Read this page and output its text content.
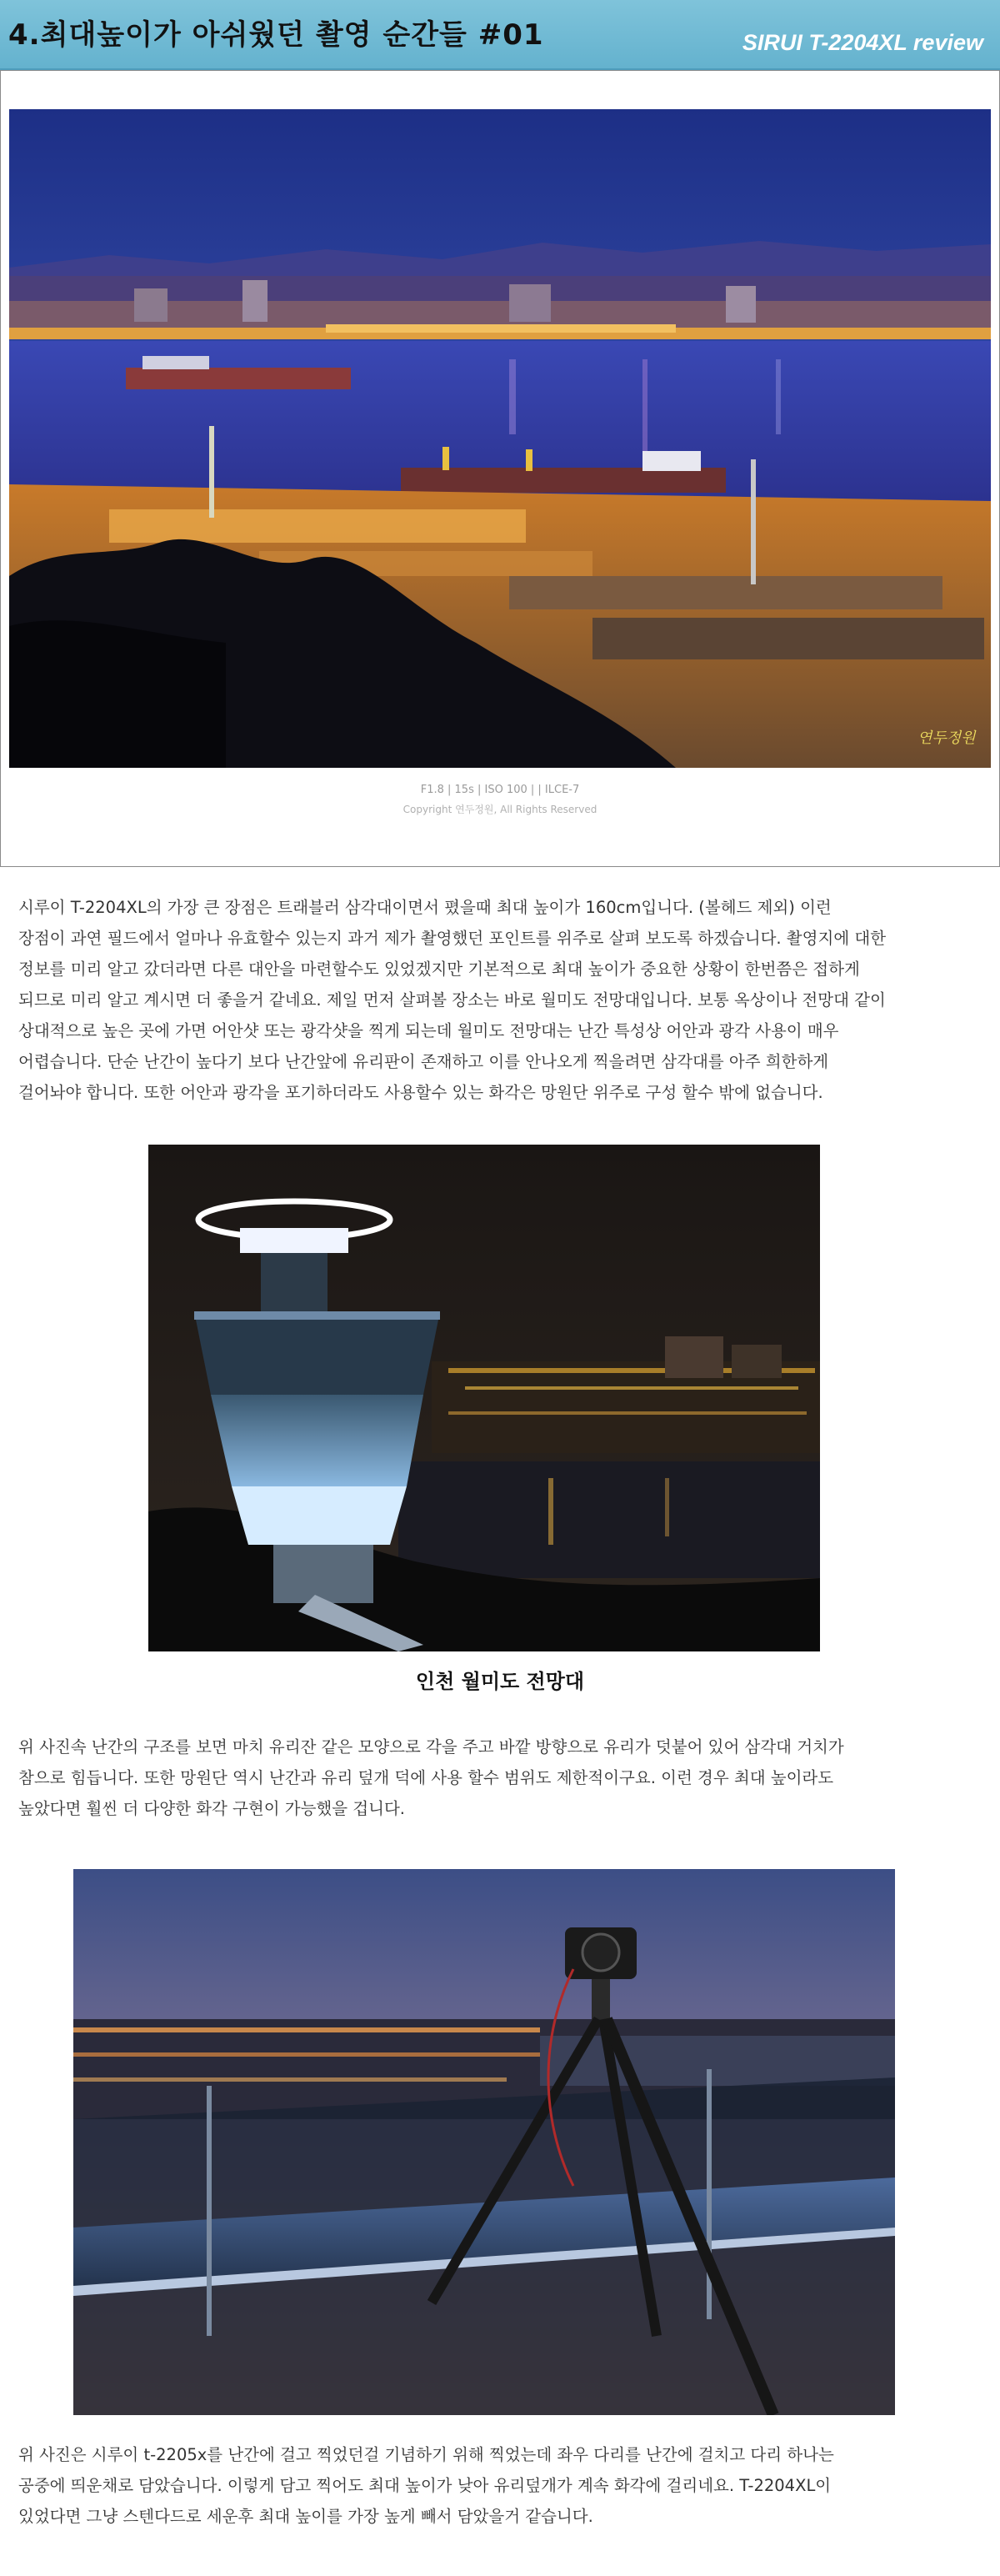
4.최대높이가 아쉬웠던 촬영 순간들 #01	SIRUI T-2204XL review
연두정원
F1.8 | 15s | ISO 100 | | ILCE-7
Copyright 연두정원, All Rights Reserved
시루이 T-2204XL의 가장 큰 장점은 트래블러 삼각대이면서 폈을때 최대 높이가 160cm입니다. (볼헤드 제외) 이런
장점이 과연 필드에서 얼마나 유효할수 있는지 과거 제가 촬영했던 포인트를 위주로 살펴 보도록 하겠습니다. 촬영지에 대한
정보를 미리 알고 갔더라면 다른 대안을 마련할수도 있었겠지만 기본적으로 최대 높이가 중요한 상황이 한번쯤은 접하게
되므로 미리 알고 계시면 더 좋을거 같네요. 제일 먼저 살펴볼 장소는 바로 월미도 전망대입니다. 보통 옥상이나 전망대 같이
상대적으로 높은 곳에 가면 어안샷 또는 광각샷을 찍게 되는데 월미도 전망대는 난간 특성상 어안과 광각 사용이 매우
어렵습니다. 단순 난간이 높다기 보다 난간앞에 유리판이 존재하고 이를 안나오게 찍을려면 삼각대를 아주 희한하게
걸어놔야 합니다. 또한 어안과 광각을 포기하더라도 사용할수 있는 화각은 망원단 위주로 구성 할수 밖에 없습니다.
인천 월미도 전망대
위 사진속 난간의 구조를 보면 마치 유리잔 같은 모양으로 각을 주고 바깥 방향으로 유리가 덧붙어 있어 삼각대 거치가
참으로 힘듭니다. 또한 망원단 역시 난간과 유리 덮개 덕에 사용 할수 범위도 제한적이구요. 이런 경우 최대 높이라도
높았다면 훨씬 더 다양한 화각 구현이 가능했을 겁니다.
위 사진은 시루이 t-2205x를 난간에 걸고 찍었던걸 기념하기 위해 찍었는데 좌우 다리를 난간에 걸치고 다리 하나는
공중에 띄운채로 담았습니다. 이렇게 담고 찍어도 최대 높이가 낮아 유리덮개가 계속 화각에 걸리네요. T-2204XL이
있었다면 그냥 스텐다드로 세운후 최대 높이를 가장 높게 빼서 담았을거 같습니다.
